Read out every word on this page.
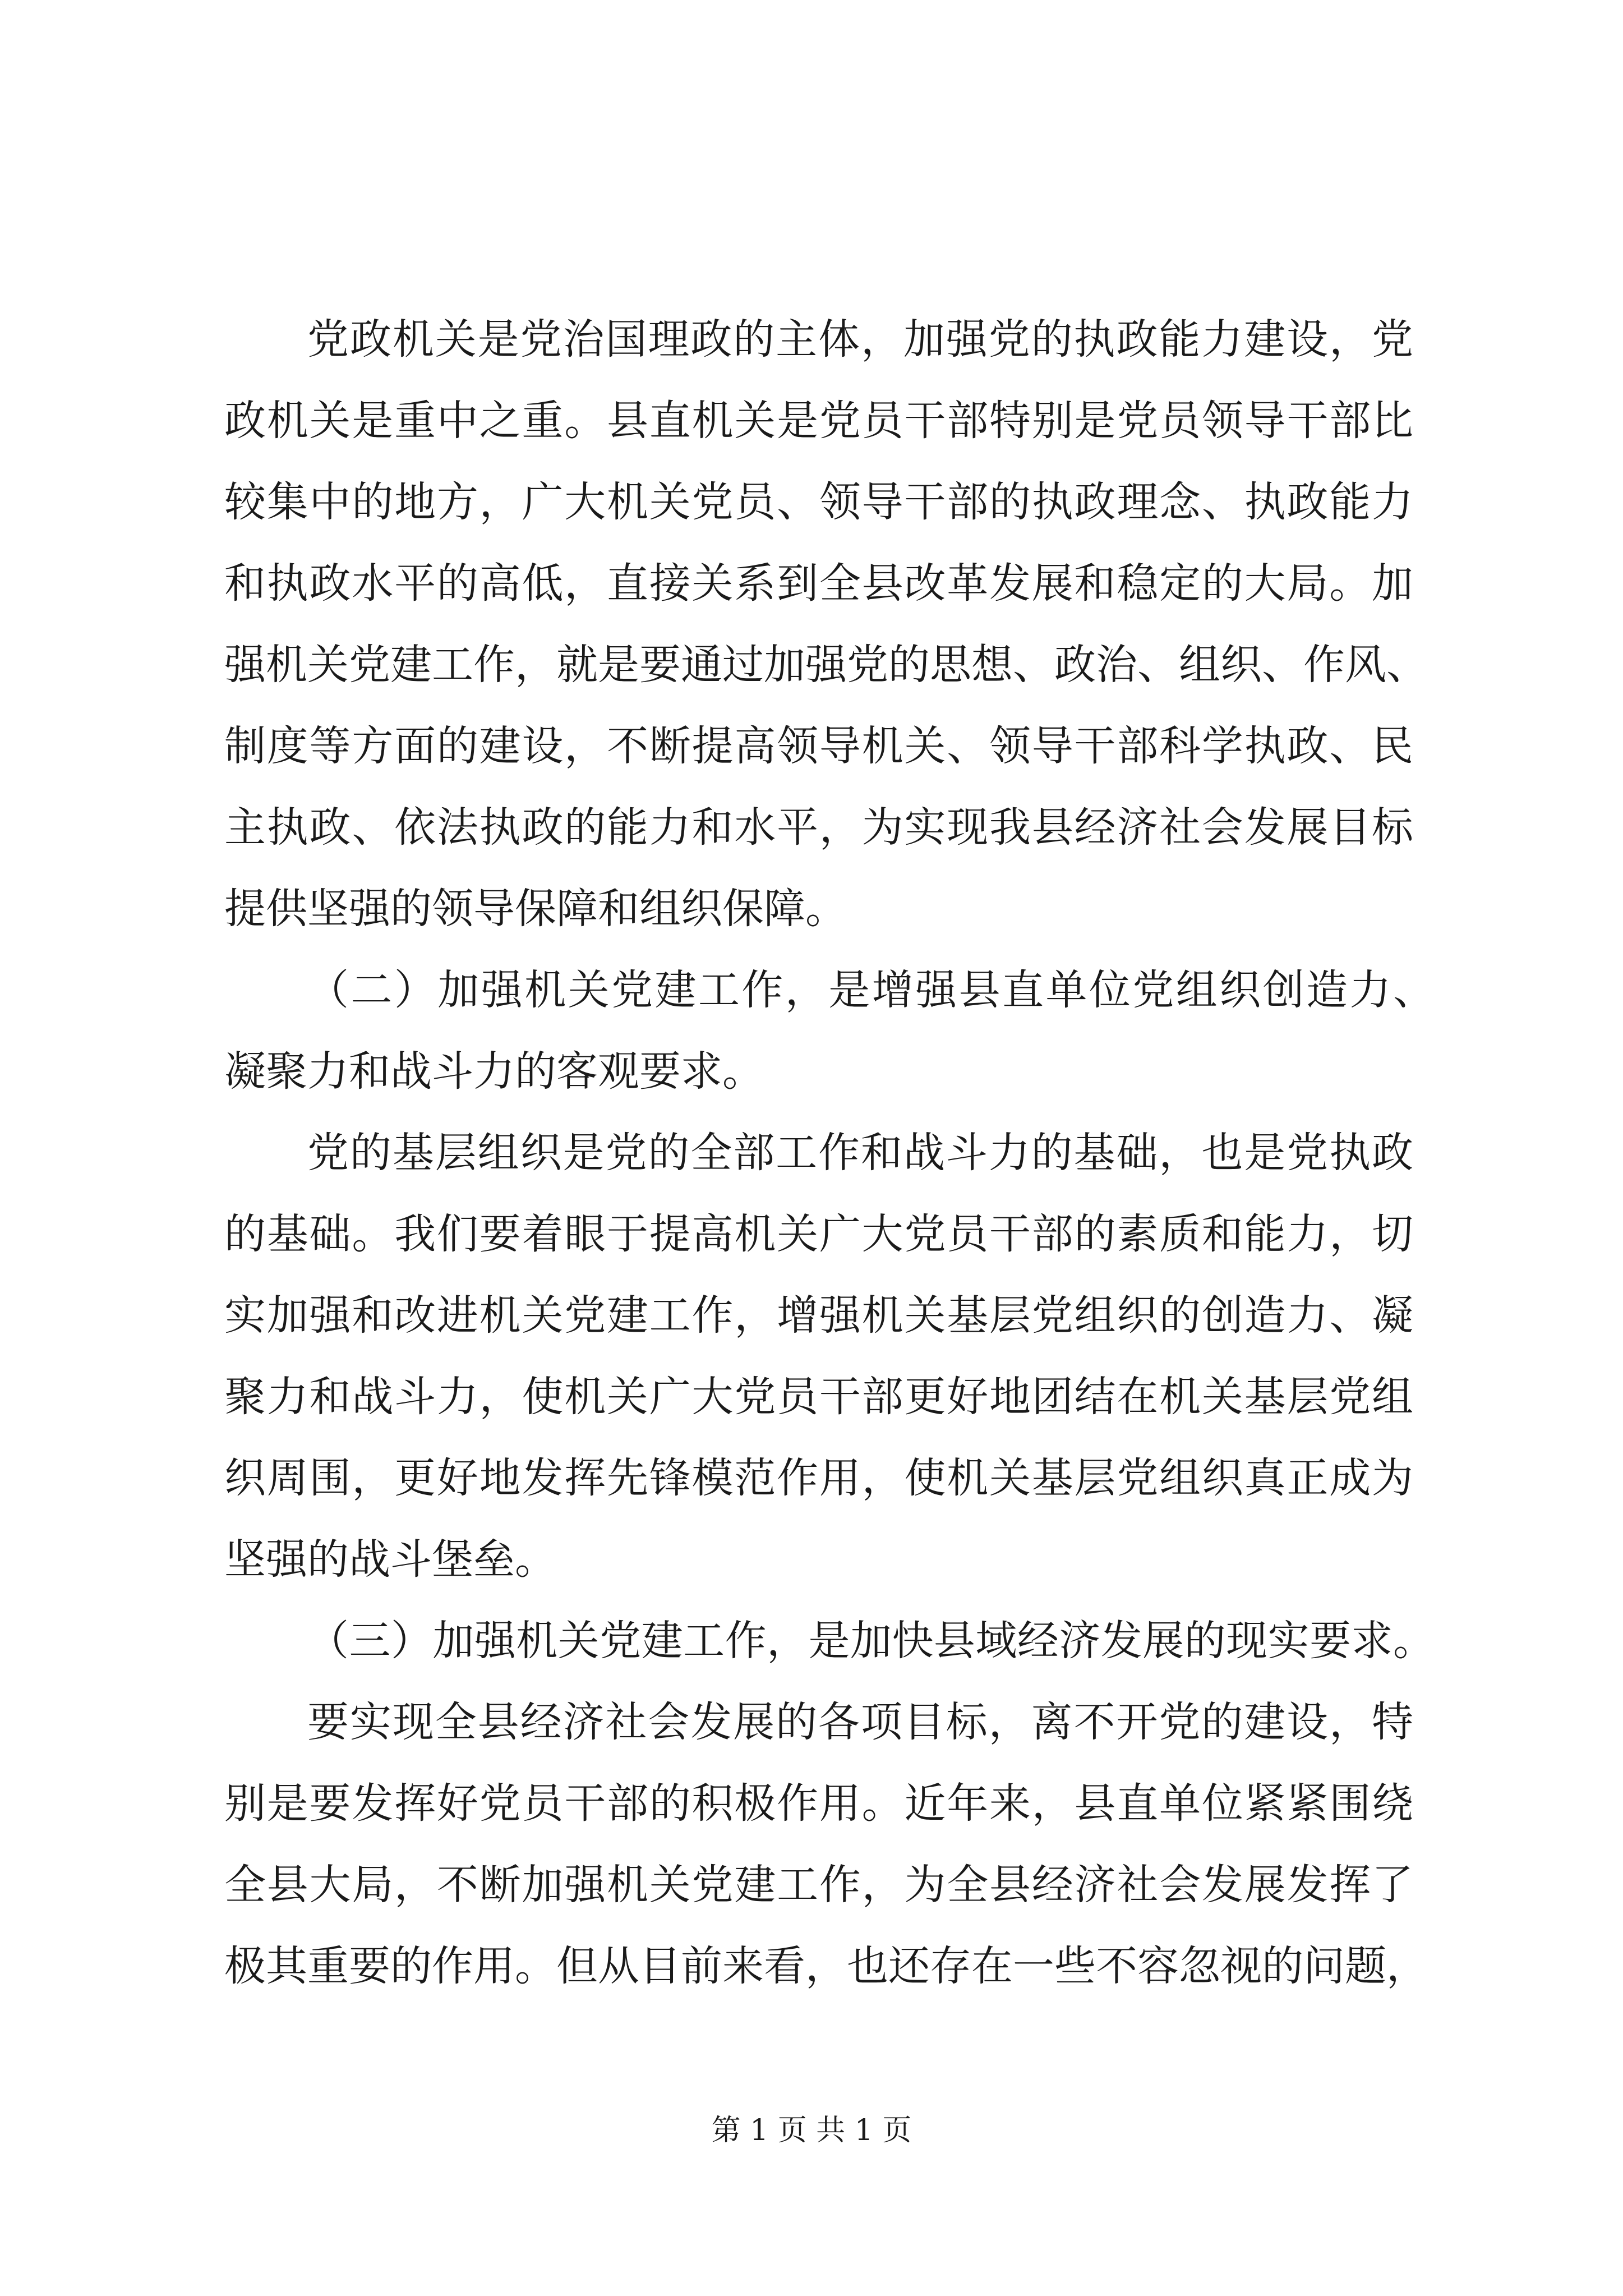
党政机关是党治国理政的主体，加强党的执政能力建设，党
政机关是重中之重。县直机关是党员干部特别是党员领导干部比
较集中的地方，广大机关党员、领导干部的执政理念、执政能力
和执政水平的高低，直接关系到全县改革发展和稳定的大局。加
强机关党建工作，就是要通过加强党的思想、政治、组织、作风、
制度等方面的建设，不断提高领导机关、领导干部科学执政、民
主执政、依法执政的能力和水平，为实现我县经济社会发展目标
提供坚强的领导保障和组织保障。
（二）加强机关党建工作，是增强县直单位党组织创造力、
凝聚力和战斗力的客观要求。
党的基层组织是党的全部工作和战斗力的基础，也是党执政
的基础。我们要着眼于提高机关广大党员干部的素质和能力，切
实加强和改进机关党建工作，增强机关基层党组织的创造力、凝
聚力和战斗力，使机关广大党员干部更好地团结在机关基层党组
织周围，更好地发挥先锋模范作用，使机关基层党组织真正成为
坚强的战斗堡垒。
（三）加强机关党建工作，是加快县域经济发展的现实要求。
要实现全县经济社会发展的各项目标，离不开党的建设，特
别是要发挥好党员干部的积极作用。近年来，县直单位紧紧围绕
全县大局，不断加强机关党建工作，为全县经济社会发展发挥了
极其重要的作用。但从目前来看，也还存在一些不容忽视的问题，
第 1 页 共 1 页
